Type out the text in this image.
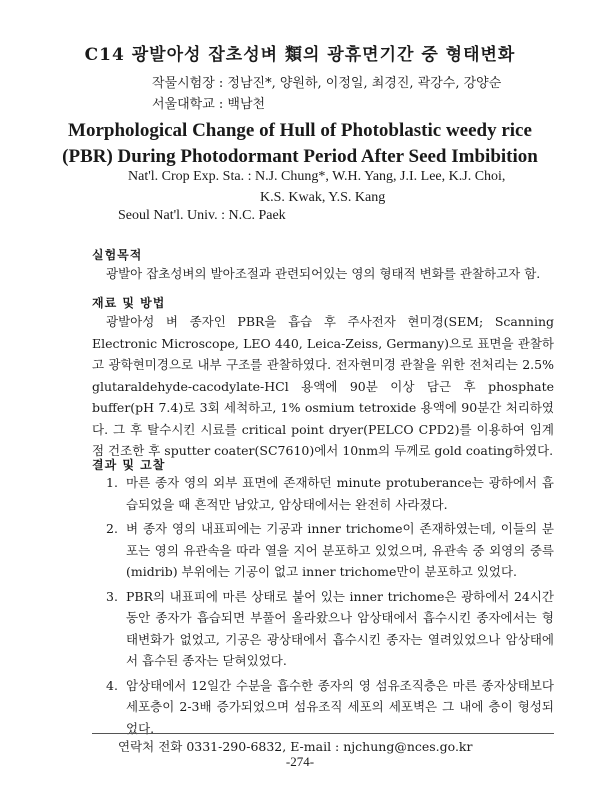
C14 광발아성 잡초성벼 類의 광휴면기간 중 형태변화
작물시험장 : 정남진*, 양원하, 이정일, 최경진, 곽강수, 강양순
서울대학교 : 백남천
Morphological Change of Hull of Photoblastic weedy rice
(PBR) During Photodormant Period After Seed Imbibition
Nat'l. Crop Exp. Sta. : N.J. Chung*, W.H. Yang, J.I. Lee, K.J. Choi,
K.S. Kwak, Y.S. Kang
Seoul Nat'l. Univ. : N.C. Paek
실험목적
광발아 잡초성벼의 발아조절과 관련되어있는 영의 형태적 변화를 관찰하고자 함.
재료 및 방법
광발아성 벼 종자인 PBR을 흡습 후 주사전자 현미경(SEM; Scanning Electronic Microscope, LEO 440, Leica-Zeiss, Germany)으로 표면을 관찰하고 광학현미경으로 내부 구조를 관찰하였다. 전자현미경 관찰을 위한 전처리는 2.5% glutaraldehyde-cacodylate-HCl 용액에 90분 이상 담근 후 phosphate buffer(pH 7.4)로 3회 세척하고, 1% osmium tetroxide 용액에 90분간 처리하였다. 그 후 탈수시킨 시료를 critical point dryer(PELCO CPD2)를 이용하여 임계점 건조한 후 sputter coater(SC7610)에서 10nm의 두께로 gold coating하였다.
결과 및 고찰
1. 마른 종자 영의 외부 표면에 존재하던 minute protuberance는 광하에서 흡습되었을 때 흔적만 남았고, 암상태에서는 완전히 사라졌다.
2. 벼 종자 영의 내표피에는 기공과 inner trichome이 존재하였는데, 이들의 분포는 영의 유관속을 따라 열을 지어 분포하고 있었으며, 유관속 중 외영의 중륵(midrib) 부위에는 기공이 없고 inner trichome만이 분포하고 있었다.
3. PBR의 내표피에 마른 상태로 붙어 있는 inner trichome은 광하에서 24시간 동안 종자가 흡습되면 부풀어 올라왔으나 암상태에서 흡수시킨 종자에서는 형태변화가 없었고, 기공은 광상태에서 흡수시킨 종자는 열려있었으나 암상태에서 흡수된 종자는 닫혀있었다.
4. 암상태에서 12일간 수분을 흡수한 종자의 영 섬유조직층은 마른 종자상태보다 세포층이 2-3배 증가되었으며 섬유조직 세포의 세포벽은 그 내에 층이 형성되었다.
연락처 전화 0331-290-6832, E-mail : njchung@nces.go.kr
-274-
